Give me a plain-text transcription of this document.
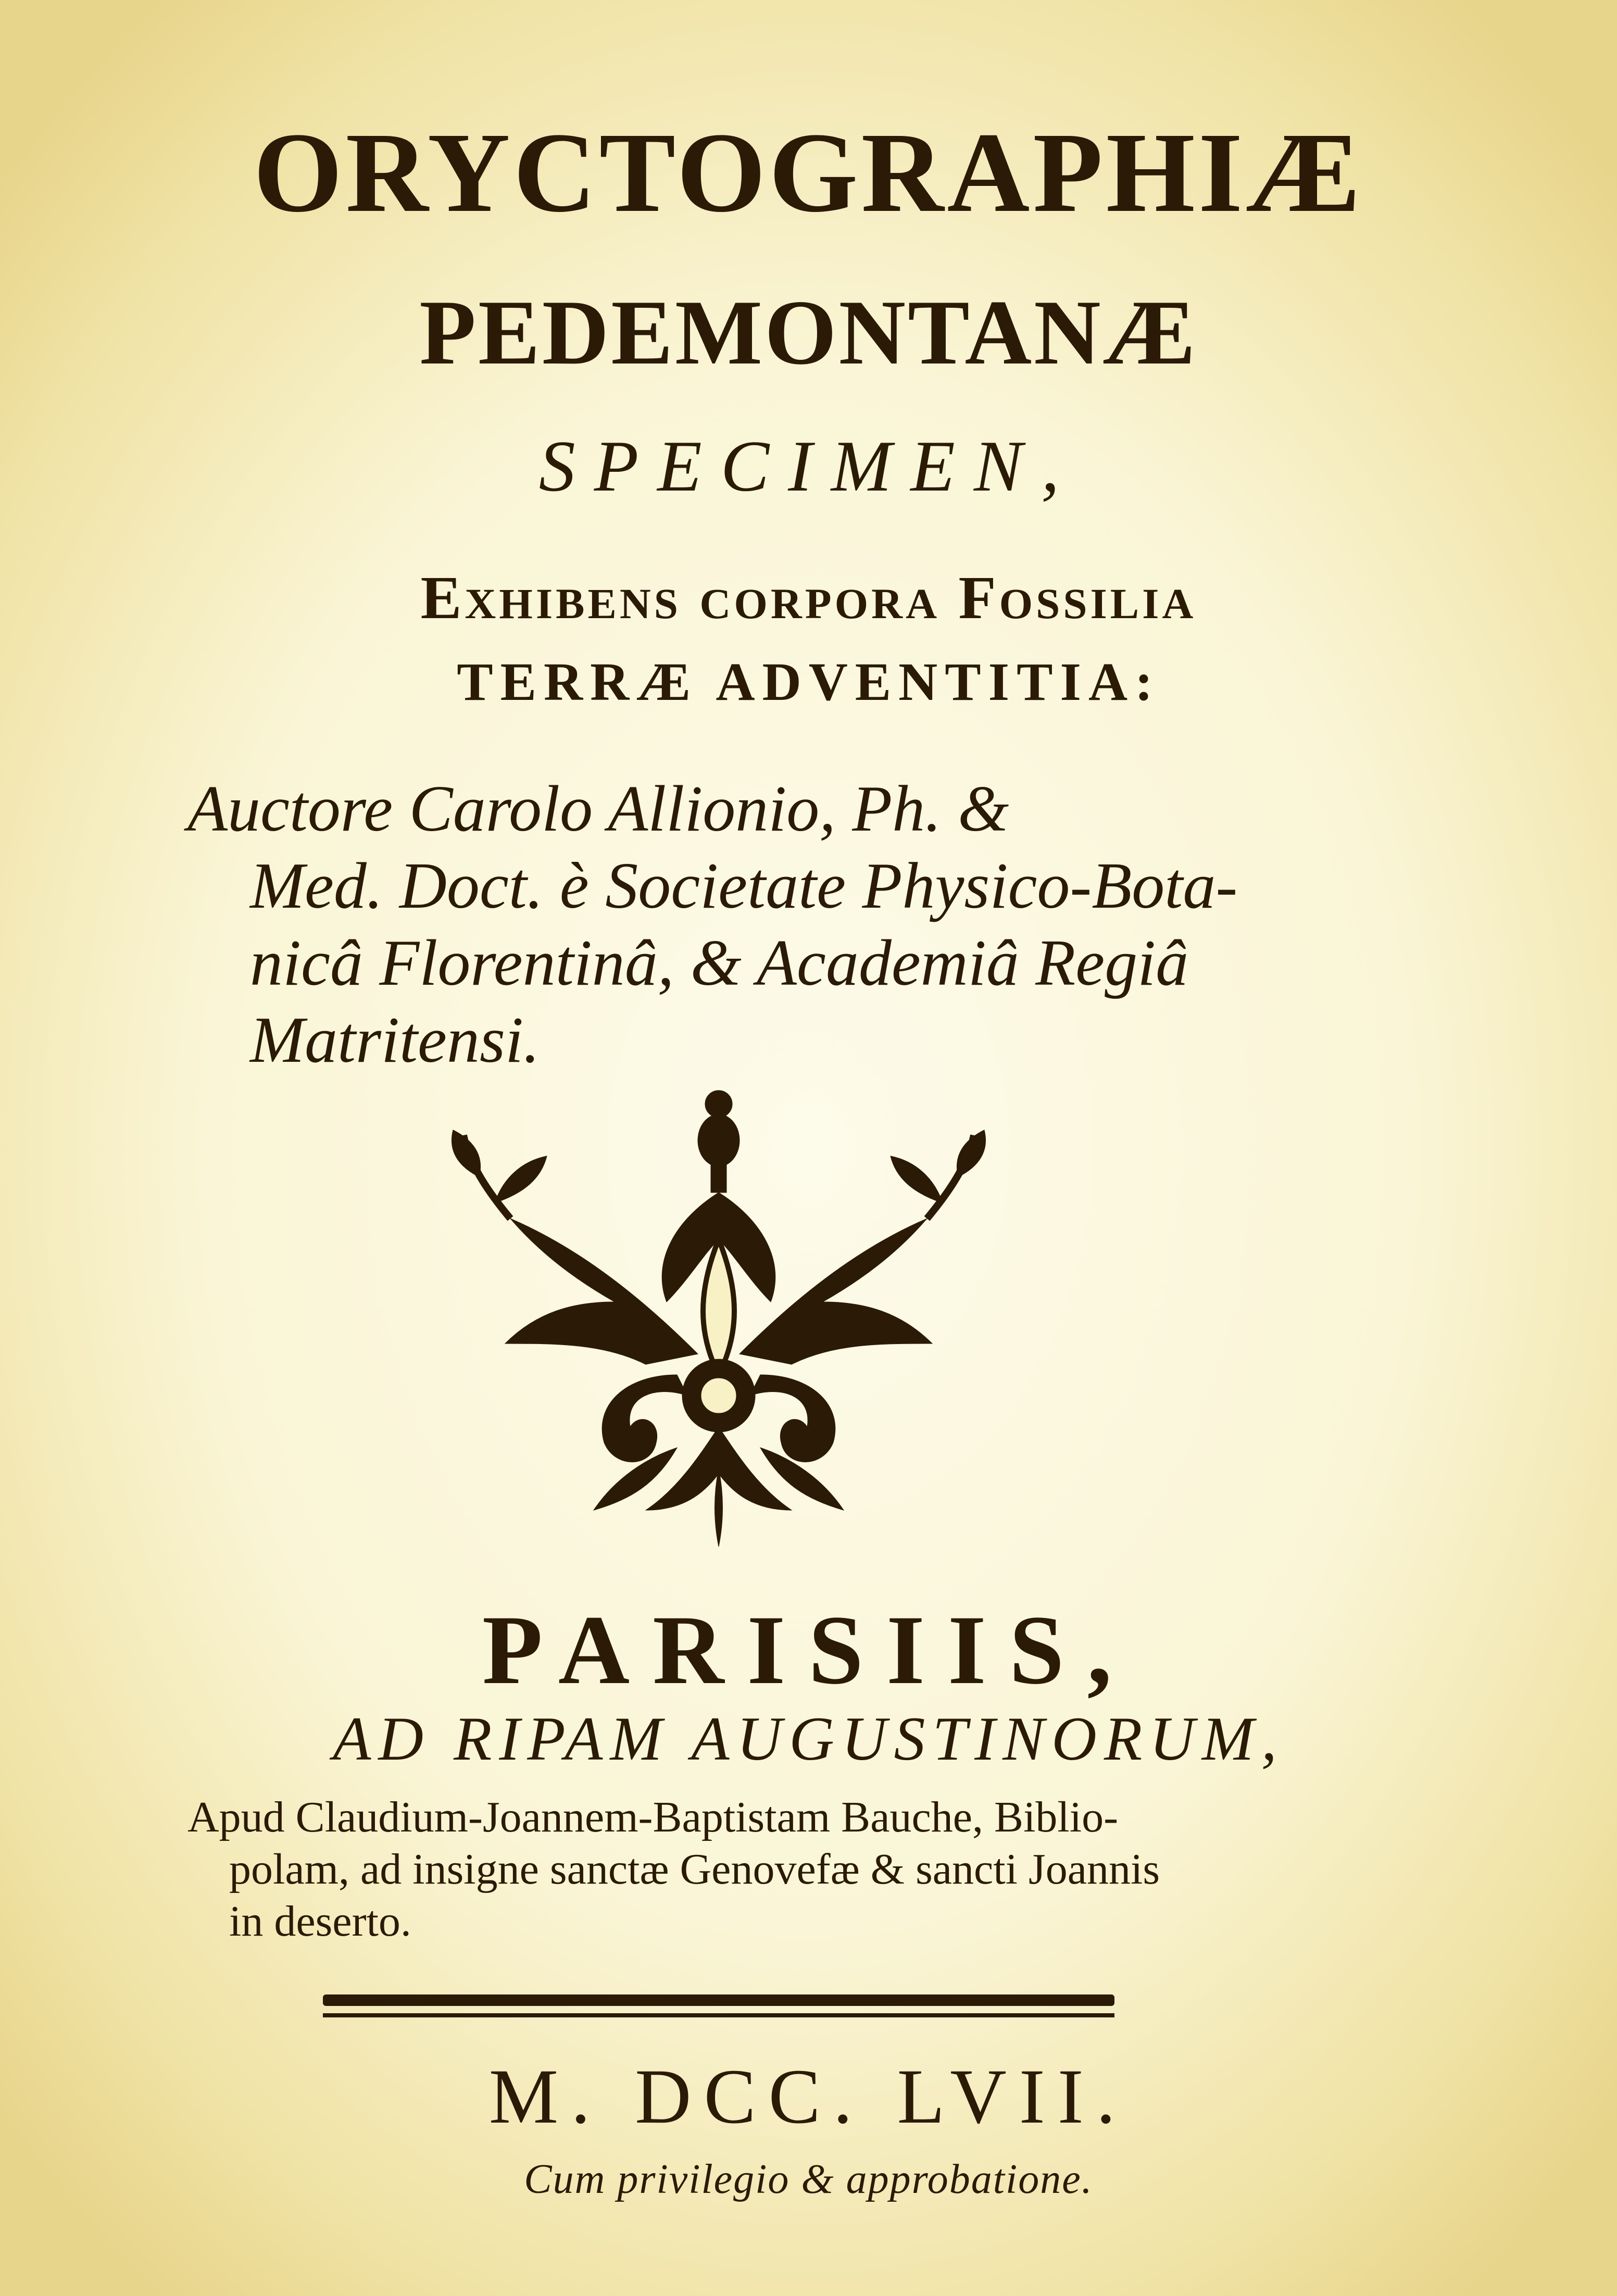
ORYCTOGRAPHIÆ
PEDEMONTANÆ
SPECIMEN,
Exhibens corpora Fossilia
TERRÆ ADVENTITIA:
Auctore Carolo Allionio, Ph. &
Med. Doct. è Societate Physico-Bota-
nicâ Florentinâ, & Academiâ Regiâ
Matritensi.
PARISIIS,
AD RIPAM AUGUSTINORUM,
Apud Claudium-Joannem-Baptistam Bauche, Biblio-
polam, ad insigne sanctæ Genovefæ & sancti Joannis
in deserto.
M. DCC. LVII.
Cum privilegio & approbatione.
